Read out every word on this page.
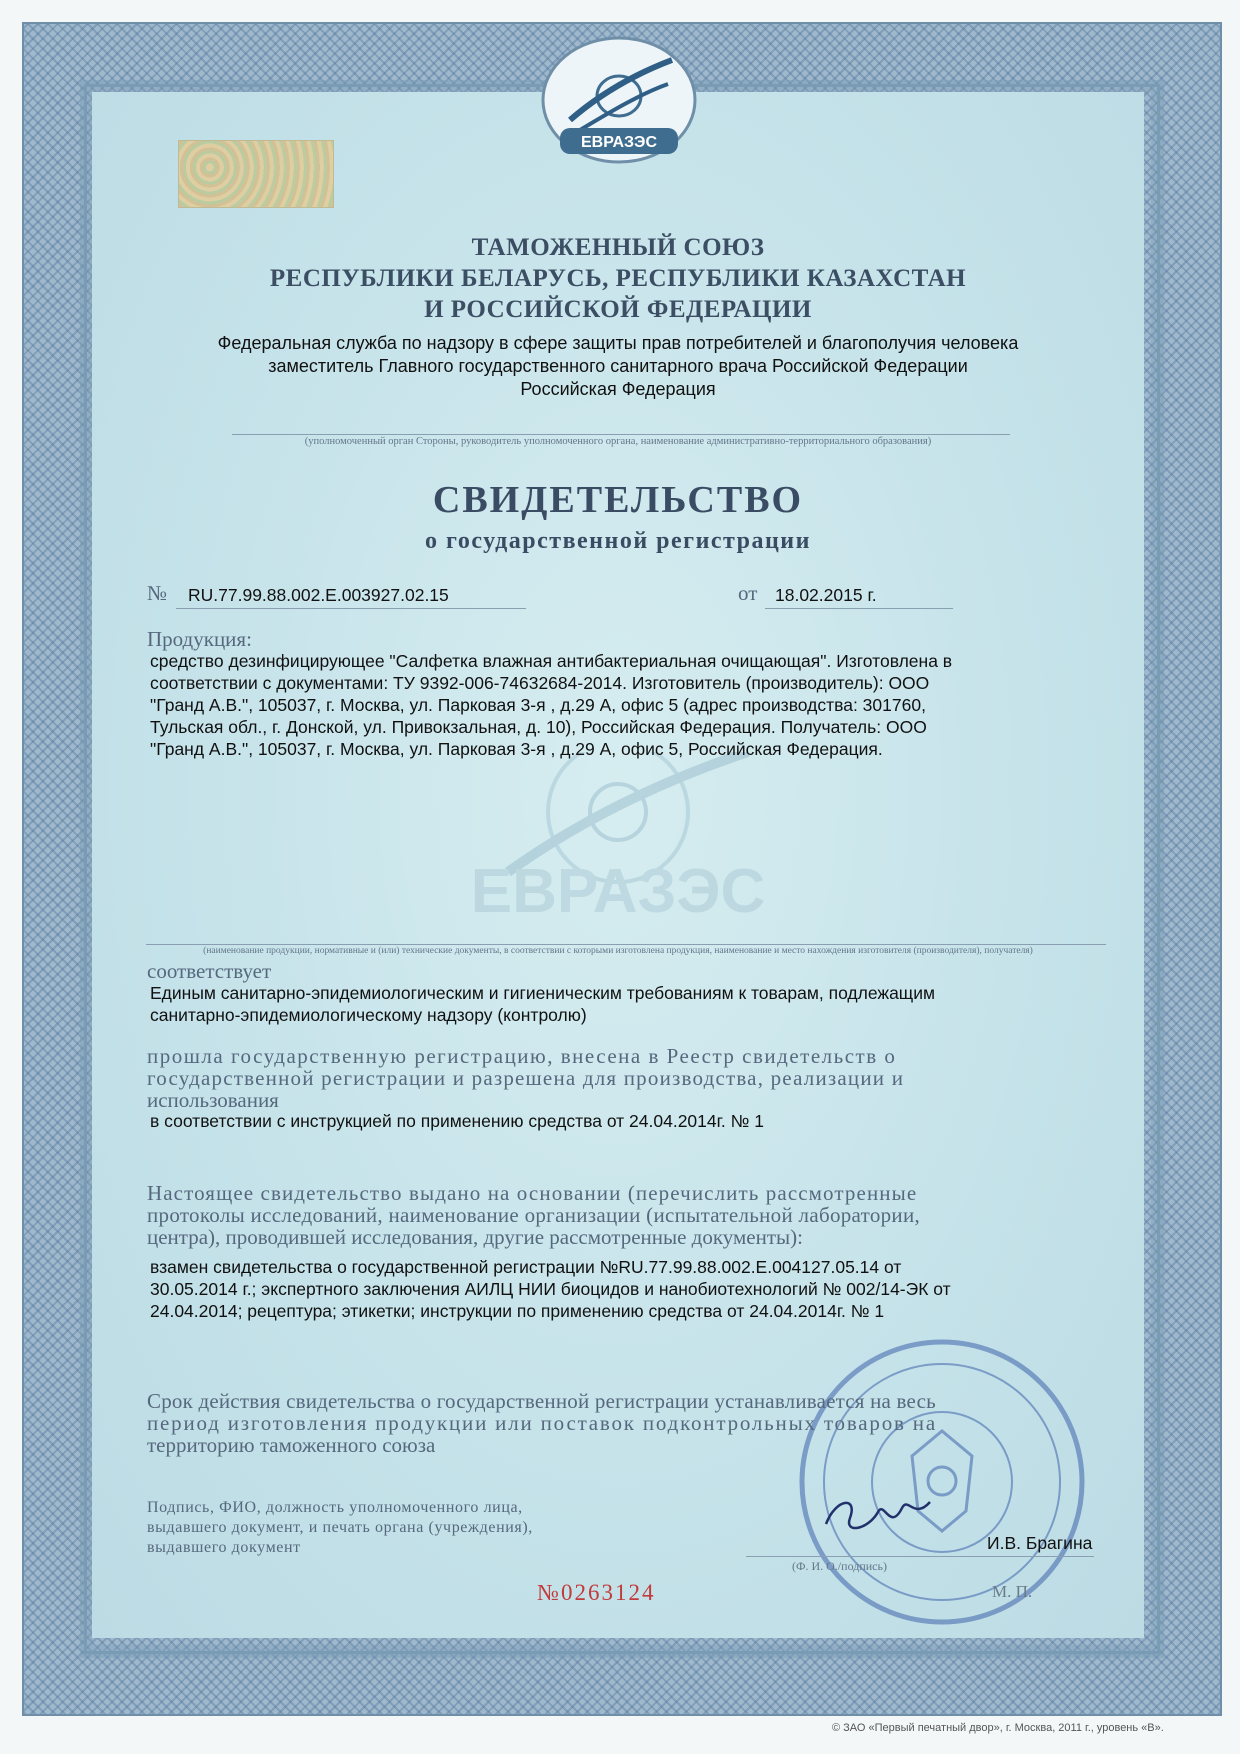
ЕВРАЗЭС
ЕВРАЗЭС
ТАМОЖЕННЫЙ СОЮЗ
РЕСПУБЛИКИ БЕЛАРУСЬ, РЕСПУБЛИКИ КАЗАХСТАН
И РОССИЙСКОЙ ФЕДЕРАЦИИ
Федеральная служба по надзору в сфере защиты прав потребителей и благополучия человека
заместитель Главного государственного санитарного врача Российской Федерации
Российская Федерация
(уполномоченный орган Стороны, руководитель уполномоченного органа, наименование административно-территориального образования)
СВИДЕТЕЛЬСТВО
о государственной регистрации
№ RU.77.99.88.002.E.003927.02.15	от 18.02.2015 г.
Продукция:
средство дезинфицирующее "Салфетка влажная антибактериальная очищающая". Изготовлена в
соответствии с документами: ТУ 9392-006-74632684-2014. Изготовитель (производитель): ООО
"Гранд А.В.", 105037, г. Москва, ул. Парковая 3-я , д.29 А, офис 5 (адрес производства: 301760,
Тульская обл., г. Донской, ул. Привокзальная, д. 10), Российская Федерация. Получатель: ООО
"Гранд А.В.", 105037, г. Москва, ул. Парковая 3-я , д.29 А, офис 5, Российская Федерация.
(наименование продукции, нормативные и (или) технические документы, в соответствии с которыми изготовлена продукция, наименование и место нахождения изготовителя (производителя), получателя)
соответствует
Единым санитарно-эпидемиологическим и гигиеническим требованиям к товарам, подлежащим
санитарно-эпидемиологическому надзору (контролю)
прошла государственную регистрацию, внесена в Реестр свидетельств о
государственной регистрации и разрешена для производства, реализации и
использования
в соответствии с инструкцией по применению средства от 24.04.2014г. № 1
Настоящее свидетельство выдано на основании (перечислить рассмотренные
протоколы исследований, наименование организации (испытательной лаборатории,
центра), проводившей исследования, другие рассмотренные документы):
взамен свидетельства о государственной регистрации №RU.77.99.88.002.Е.004127.05.14 от
30.05.2014 г.; экспертного заключения АИЛЦ НИИ биоцидов и нанобиотехнологий № 002/14-ЭК от
24.04.2014; рецептура; этикетки; инструкции по применению средства от 24.04.2014г. № 1
Срок действия свидетельства о государственной регистрации устанавливается на весь
период изготовления продукции или поставок подконтрольных товаров на
территорию таможенного союза
Подпись, ФИО, должность уполномоченного лица,
выдавшего документ, и печать органа (учреждения),
выдавшего документ	И.В. Брагина
(Ф. И. О./подпись)
М. П.
№0263124
© ЗАО «Первый печатный двор», г. Москва, 2011 г., уровень «В».
